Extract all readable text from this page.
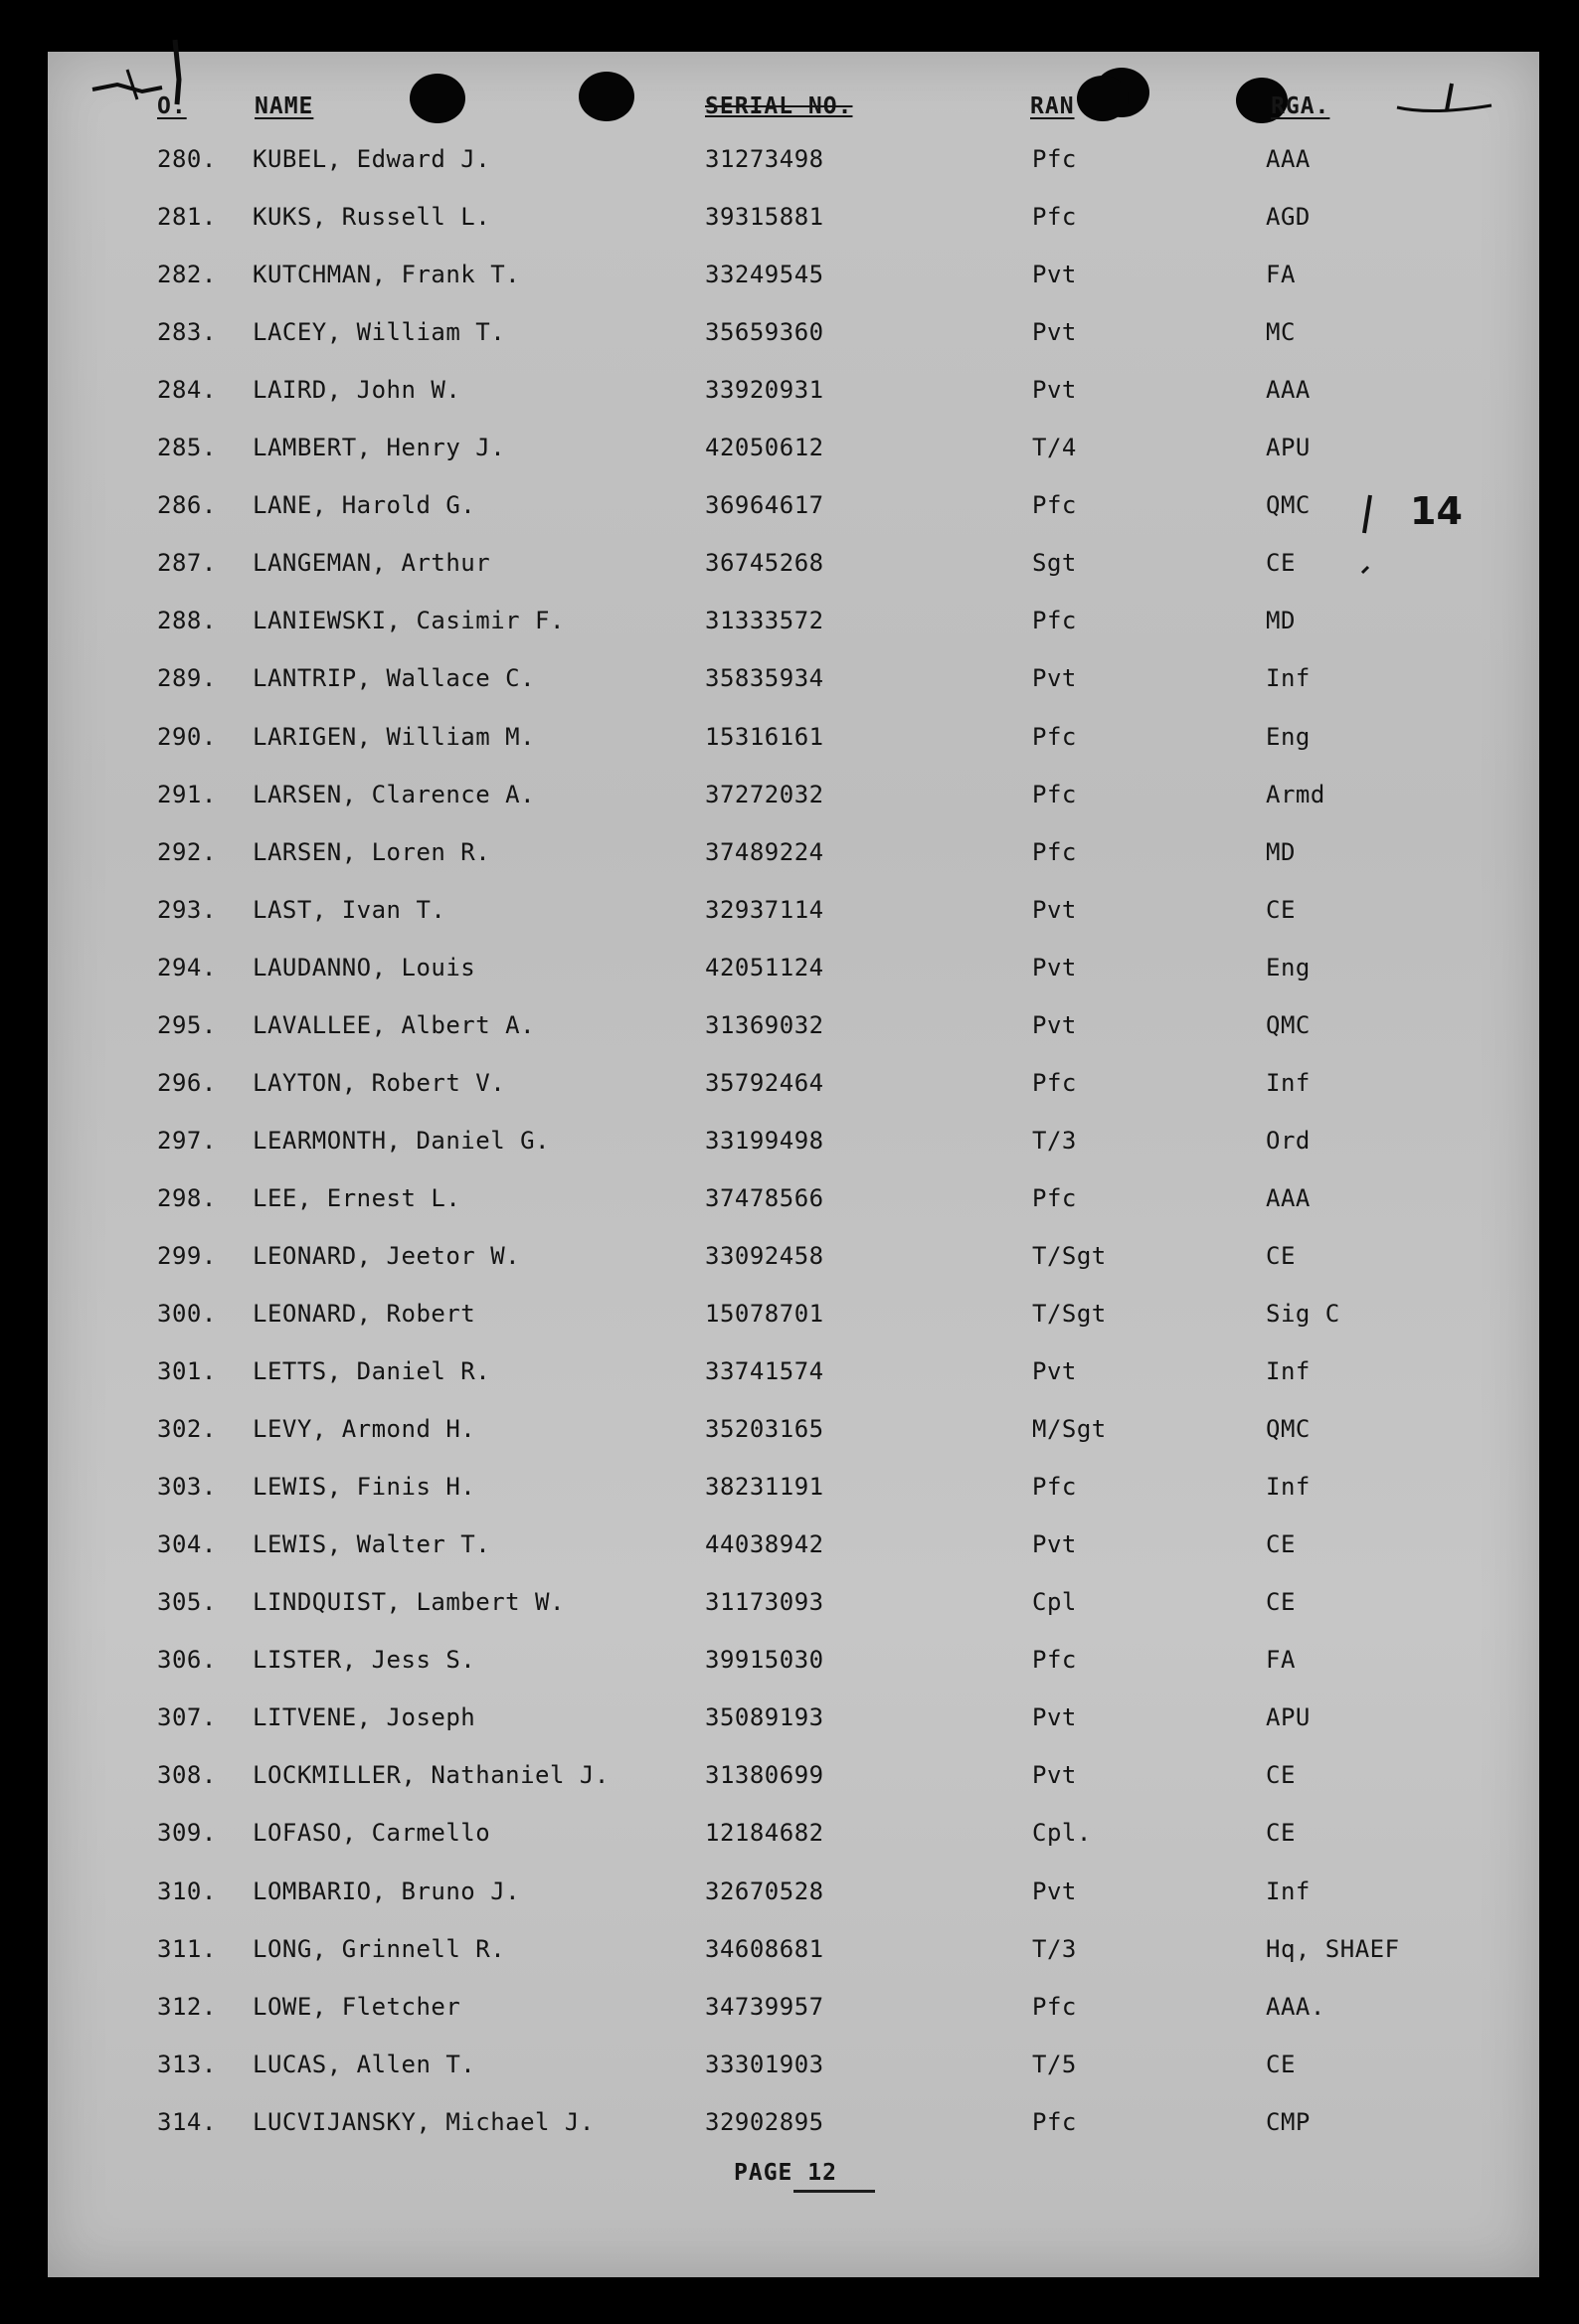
O.	NAME	SERIAL NO.	RAN	RGA.
280. KUBEL, Edward J.	31273498	Pfc	AAA
281. KUKS, Russell L.	39315881	Pfc	AGD
282. KUTCHMAN, Frank T.	33249545	Pvt	FA
283. LACEY, William T.	35659360	Pvt	MC
284. LAIRD, John W.	33920931	Pvt	AAA
285. LAMBERT, Henry J.	42050612	T/4	APU
286. LANE, Harold G.	36964617	Pfc	QMC
287. LANGEMAN, Arthur	36745268	Sgt	CE
288. LANIEWSKI, Casimir F.	31333572	Pfc	MD
289. LANTRIP, Wallace C.	35835934	Pvt	Inf
290. LARIGEN, William M.	15316161	Pfc	Eng
291. LARSEN, Clarence A.	37272032	Pfc	Armd
292. LARSEN, Loren R.	37489224	Pfc	MD
293. LAST, Ivan T.	32937114	Pvt	CE
294. LAUDANNO, Louis	42051124	Pvt	Eng
295. LAVALLEE, Albert A.	31369032	Pvt	QMC
296. LAYTON, Robert V.	35792464	Pfc	Inf
297. LEARMONTH, Daniel G.	33199498	T/3	Ord
298. LEE, Ernest L.	37478566	Pfc	AAA
299. LEONARD, Jeetor W.	33092458	T/Sgt	CE
300. LEONARD, Robert	15078701	T/Sgt	Sig C
301. LETTS, Daniel R.	33741574	Pvt	Inf
302. LEVY, Armond H.	35203165	M/Sgt	QMC
303. LEWIS, Finis H.	38231191	Pfc	Inf
304. LEWIS, Walter T.	44038942	Pvt	CE
305. LINDQUIST, Lambert W.	31173093	Cpl	CE
306. LISTER, Jess S.	39915030	Pfc	FA
307. LITVENE, Joseph	35089193	Pvt	APU
308. LOCKMILLER, Nathaniel J.	31380699	Pvt	CE
309. LOFASO, Carmello	12184682	Cpl.	CE
310. LOMBARIO, Bruno J.	32670528	Pvt	Inf
311. LONG, Grinnell R.	34608681	T/3	Hq, SHAEF
312. LOWE, Fletcher	34739957	Pfc	AAA.
313. LUCAS, Allen T.	33301903	T/5	CE
314. LUCVIJANSKY, Michael J.	32902895	Pfc	CMP
14
PAGE 12
